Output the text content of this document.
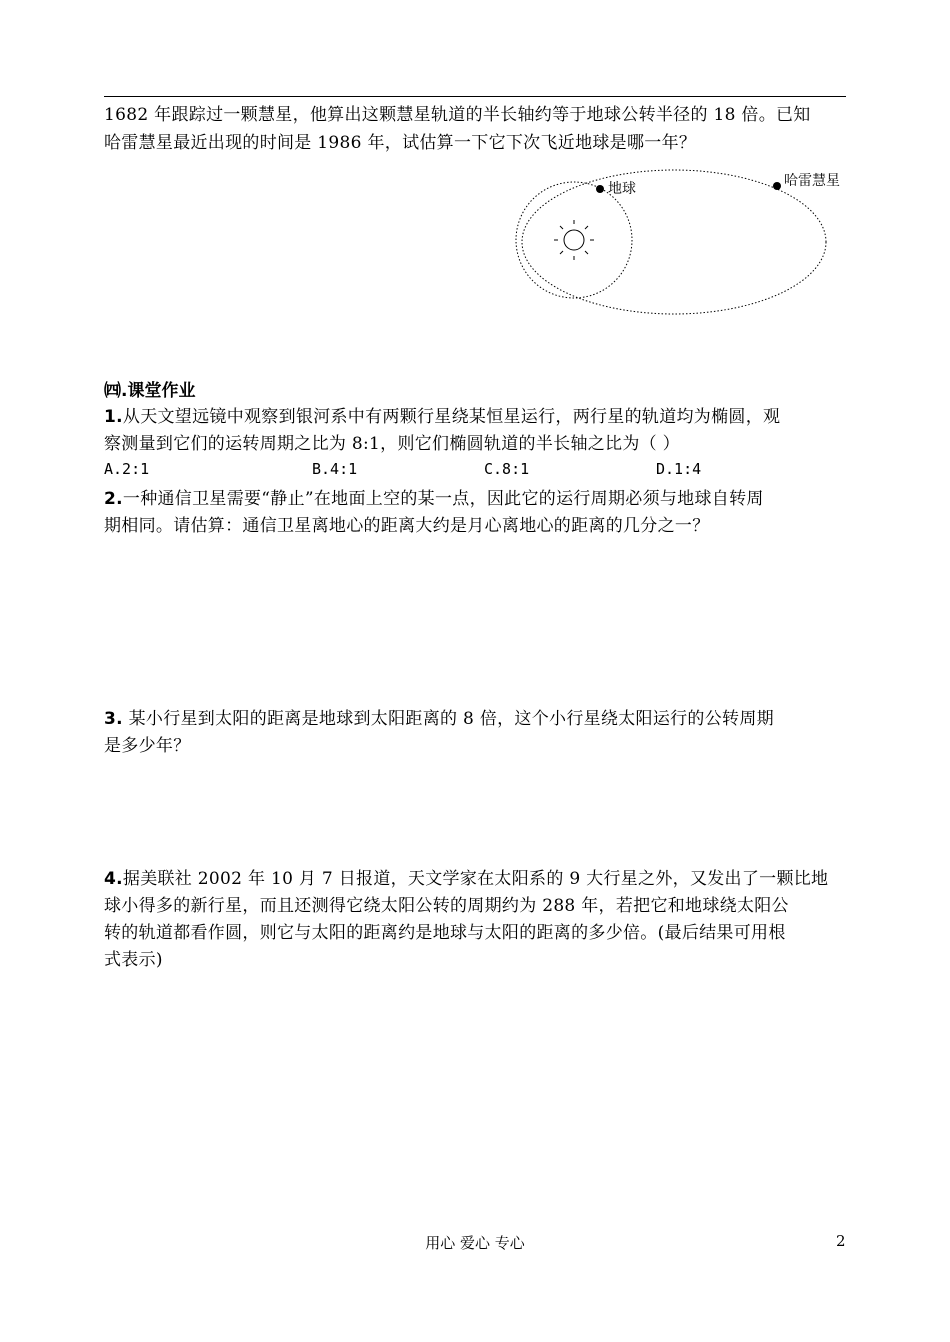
1682 年跟踪过一颗慧星，他算出这颗慧星轨道的半长轴约等于地球公转半径的 18 倍。已知
哈雷慧星最近出现的时间是 1986 年，试估算一下它下次飞近地球是哪一年？
地球	哈雷慧星
㈣.课堂作业
1.从天文望远镜中观察到银河系中有两颗行星绕某恒星运行，两行星的轨道均为椭圆，观
察测量到它们的运转周期之比为 8:1，则它们椭圆轨道的半长轴之比为（ ）
A.2:1	B.4:1	C.8:1	D.1:4
2.一种通信卫星需要“静止”在地面上空的某一点，因此它的运行周期必须与地球自转周
期相同。请估算：通信卫星离地心的距离大约是月心离地心的距离的几分之一？
3. 某小行星到太阳的距离是地球到太阳距离的 8 倍，这个小行星绕太阳运行的公转周期
是多少年？
4.据美联社 2002 年 10 月 7 日报道，天文学家在太阳系的 9 大行星之外，又发出了一颗比地
球小得多的新行星，而且还测得它绕太阳公转的周期约为 288 年，若把它和地球绕太阳公
转的轨道都看作圆，则它与太阳的距离约是地球与太阳的距离的多少倍。(最后结果可用根
式表示)
用心 爱心 专心	2
